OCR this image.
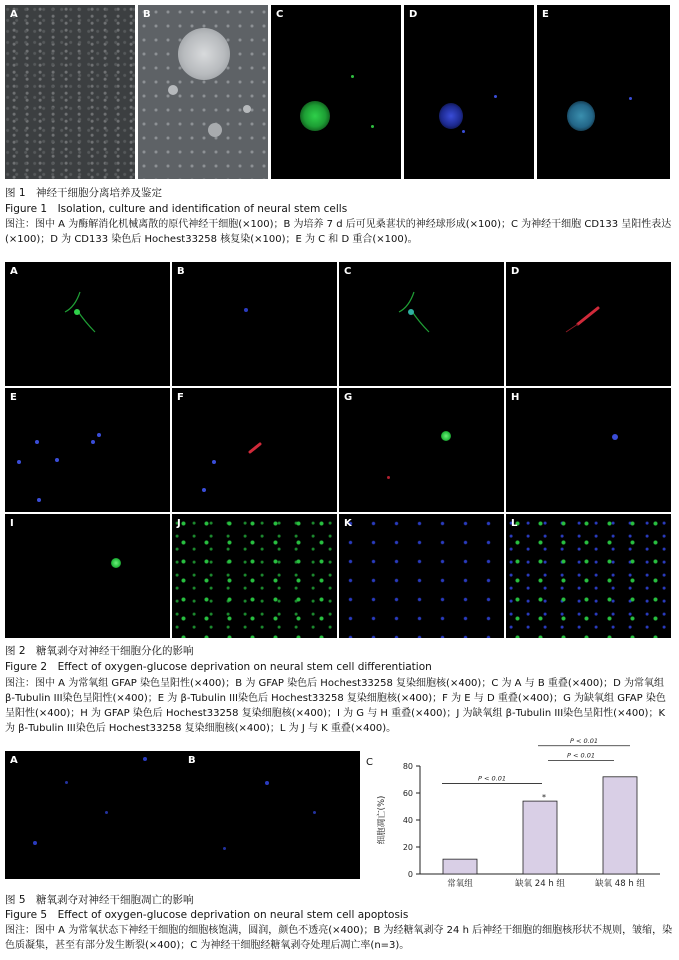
A	B	C	D	E
图 1　神经干细胞分离培养及鉴定
Figure 1　Isolation, culture and identification of neural stem cells
图注：图中 A 为酶解消化机械离散的原代神经干细胞(×100)；B 为培养 7 d 后可见桑葚状的神经球形成(×100)；C 为神经干细胞 CD133 呈阳性表达(×100)；D 为 CD133 染色后 Hochest33258 核复染(×100)；E 为 C 和 D 重合(×100)。
A	B	C	D
E	F	G	H
I	J	K	L
图 2　糖氧剥夺对神经干细胞分化的影响
Figure 2　Effect of oxygen-glucose deprivation on neural stem cell differentiation
图注：图中 A 为常氧组 GFAP 染色呈阳性(×400)；B 为 GFAP 染色后 Hochest33258 复染细胞核(×400)；C 为 A 与 B 重叠(×400)；D 为常氧组 β-Tubulin III染色呈阳性(×400)；E 为 β-Tubulin III染色后 Hochest33258 复染细胞核(×400)；F 为 E 与 D 重叠(×400)；G 为缺氧组 GFAP 染色呈阳性(×400)；H 为 GFAP 染色后 Hochest33258 复染细胞核(×400)；I 为 G 与 H 重叠(×400)；J 为缺氧组 β-Tubulin III染色呈阳性(×400)；K 为 β-Tubulin III染色后 Hochest33258 复染细胞核(×400)；L 为 J 与 K 重叠(×400)。
A	B	C
细胞凋亡(%)
0
20
40
60
80
常氧组	缺氧 24 h 组	缺氧 48 h 组
P < 0.01
P < 0.01
P < 0.01
*
图 5　糖氧剥夺对神经干细胞凋亡的影响
Figure 5　Effect of oxygen-glucose deprivation on neural stem cell apoptosis
图注：图中 A 为常氧状态下神经干细胞的细胞核饱满，圆润，颜色不透亮(×400)；B 为经糖氧剥夺 24 h 后神经干细胞的细胞核形状不规则，皱缩，染色质凝集，甚至有部分发生断裂(×400)；C 为神经干细胞经糖氧剥夺处理后凋亡率(n=3)。
